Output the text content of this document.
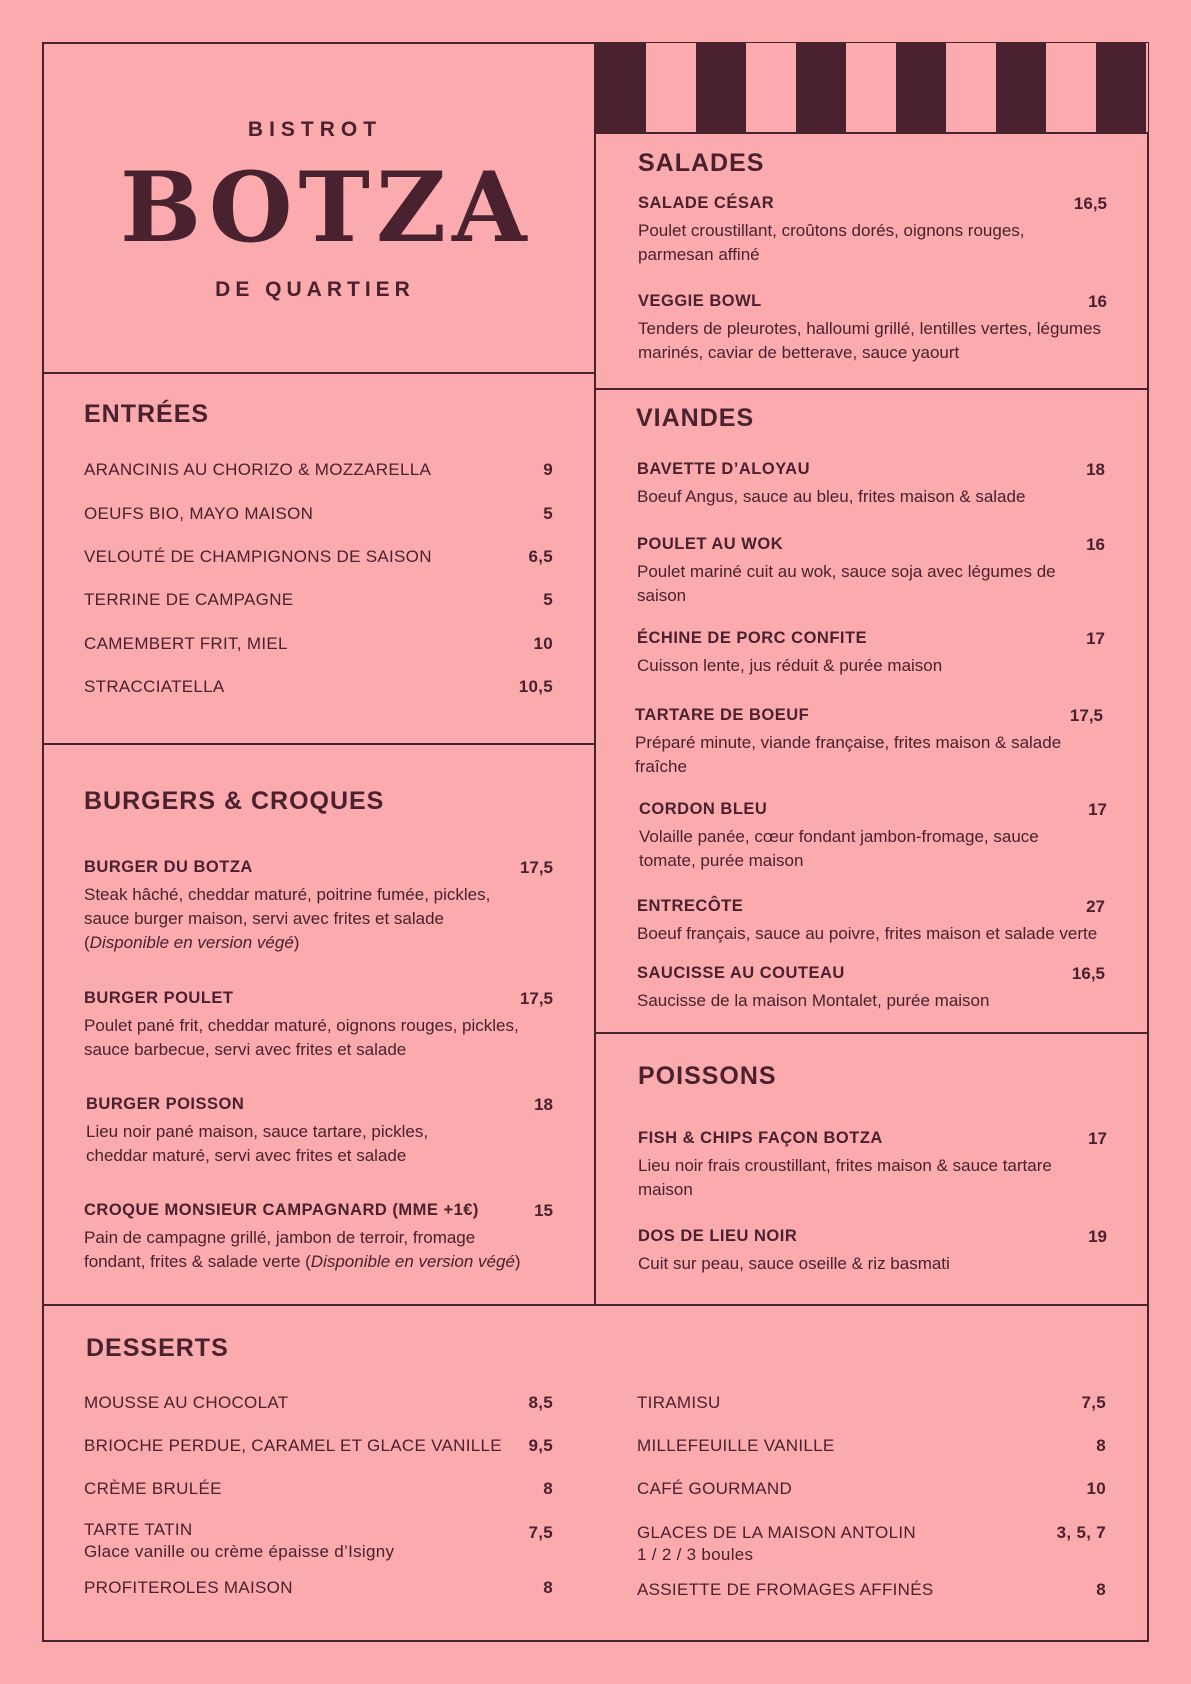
BISTROT
BOTZA
DE QUARTIER
ENTRÉES
ARANCINIS AU CHORIZO & MOZZARELLA	9
OEUFS BIO, MAYO MAISON	5
VELOUTÉ DE CHAMPIGNONS DE SAISON	6,5
TERRINE DE CAMPAGNE	5
CAMEMBERT FRIT, MIEL	10
STRACCIATELLA	10,5
BURGERS & CROQUES
BURGER DU BOTZA	17,5
Steak hâché, cheddar maturé, poitrine fumée, pickles, sauce burger maison, servi avec frites et salade
(Disponible en version végé)
BURGER POULET	17,5
Poulet pané frit, cheddar maturé, oignons rouges, pickles, sauce barbecue, servi avec frites et salade
BURGER POISSON	18
Lieu noir pané maison, sauce tartare, pickles, cheddar maturé, servi avec frites et salade
CROQUE MONSIEUR CAMPAGNARD (MME +1€)	15
Pain de campagne grillé, jambon de terroir, fromage fondant, frites & salade verte (Disponible en version végé)
SALADES
SALADE CÉSAR	16,5
Poulet croustillant, croûtons dorés, oignons rouges, parmesan affiné
VEGGIE BOWL	16
Tenders de pleurotes, halloumi grillé, lentilles vertes, légumes marinés, caviar de betterave, sauce yaourt
VIANDES
BAVETTE D’ALOYAU	18
Boeuf Angus, sauce au bleu, frites maison & salade
POULET AU WOK	16
Poulet mariné cuit au wok, sauce soja avec légumes de saison
ÉCHINE DE PORC CONFITE	17
Cuisson lente, jus réduit & purée maison
TARTARE DE BOEUF	17,5
Préparé minute, viande française, frites maison & salade fraîche
CORDON BLEU	17
Volaille panée, cœur fondant jambon-fromage, sauce tomate, purée maison
ENTRECÔTE	27
Boeuf français, sauce au poivre, frites maison et salade verte
SAUCISSE AU COUTEAU	16,5
Saucisse de la maison Montalet, purée maison
POISSONS
FISH & CHIPS FAÇON BOTZA	17
Lieu noir frais croustillant, frites maison & sauce tartare maison
DOS DE LIEU NOIR	19
Cuit sur peau, sauce oseille & riz basmati
DESSERTS
MOUSSE AU CHOCOLAT	8,5
BRIOCHE PERDUE, CARAMEL ET GLACE VANILLE 9,5
CRÈME BRULÉE	8
TARTE TATIN	7,5
Glace vanille ou crème épaisse d’Isigny
PROFITEROLES MAISON	8
TIRAMISU	7,5
MILLEFEUILLE VANILLE	8
CAFÉ GOURMAND	10
GLACES DE LA MAISON ANTOLIN	3, 5, 7
1 / 2 / 3 boules
ASSIETTE DE FROMAGES AFFINÉS	8
